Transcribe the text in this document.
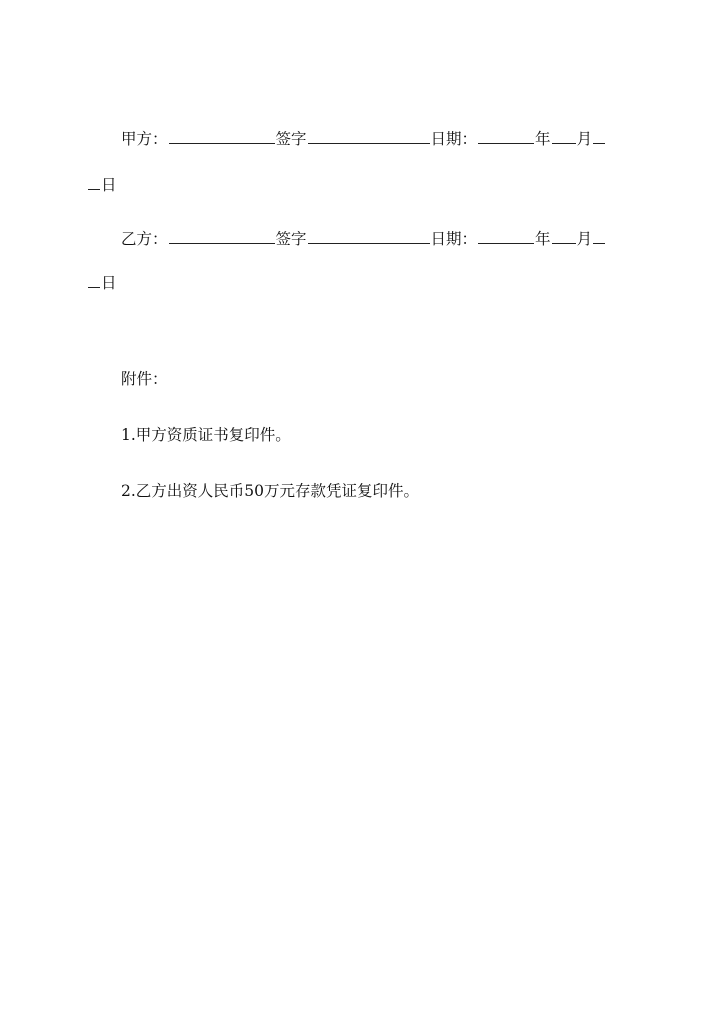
甲方：	签字	日期：	年 月
日
乙方：	签字	日期：	年 月
日
附件：
1.甲方资质证书复印件。
2.乙方出资人民币50万元存款凭证复印件。
